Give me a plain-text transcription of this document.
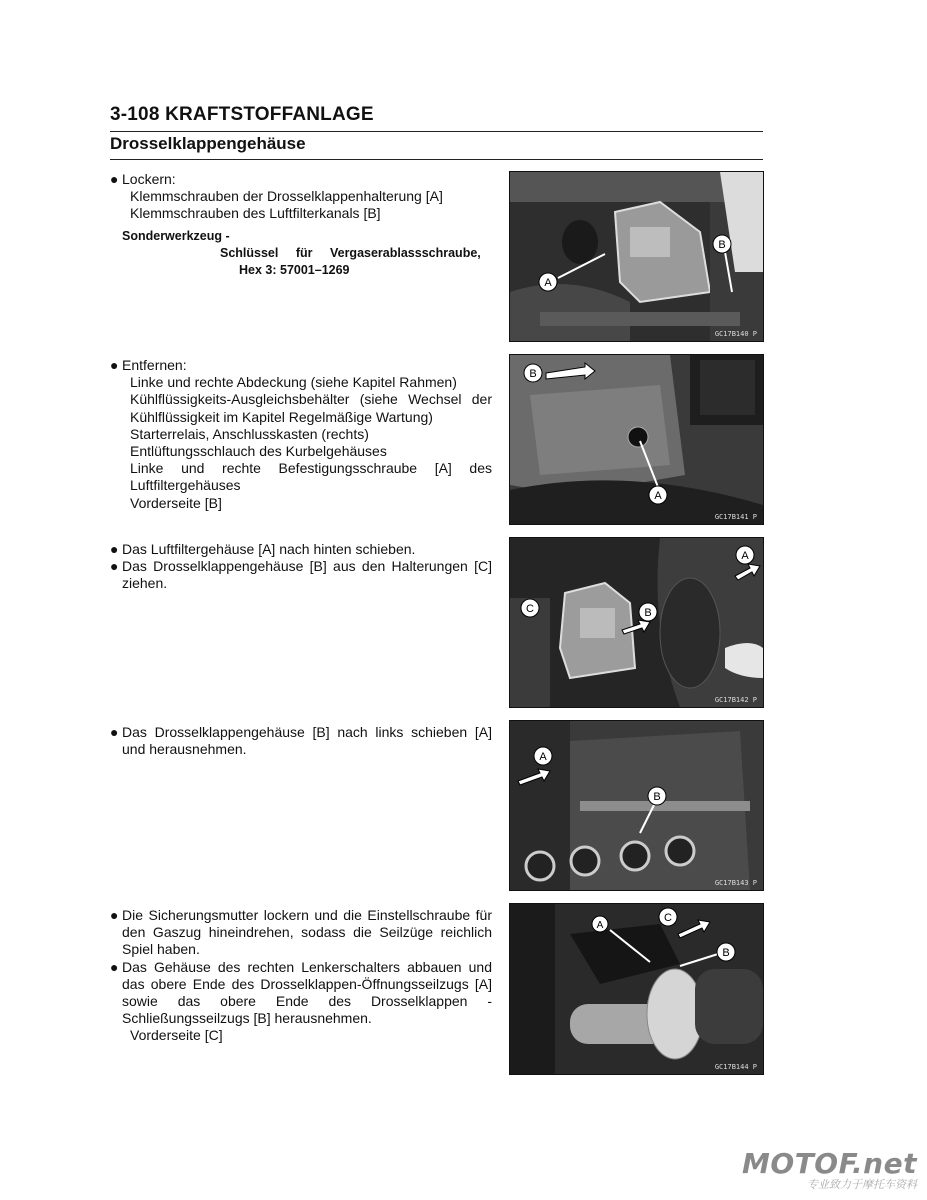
3-108 KRAFTSTOFFANLAGE
Drosselklappengehäuse
● Lockern:
Klemmschrauben der Drosselklappenhalterung [A]
Klemmschrauben des Luftfilterkanals [B]
Sonderwerkzeug -
Schlüssel für Vergaserablassschraube,
Hex 3: 57001–1269
● Entfernen:
Linke und rechte Abdeckung (siehe Kapitel Rahmen)
Kühlflüssigkeits-Ausgleichsbehälter (siehe Wechsel der Kühlflüssigkeit im Kapitel Regelmäßige Wartung)
Starterrelais, Anschlusskasten (rechts)
Entlüftungsschlauch des Kurbelgehäuses
Linke und rechte Befestigungsschraube [A] des Luftfiltergehäuses
Vorderseite [B]
● Das Luftfiltergehäuse [A] nach hinten schieben.
● Das Drosselklappengehäuse [B] aus den Halterungen [C] ziehen.
● Das Drosselklappengehäuse [B] nach links schieben [A] und herausnehmen.
● Die Sicherungsmutter lockern und die Einstellschraube für den Gaszug hineindrehen, sodass die Seilzüge reichlich Spiel haben.
● Das Gehäuse des rechten Lenkerschalters abbauen und das obere Ende des Drosselklappen-Öffnungsseilzugs [A] sowie das obere Ende des Drosselklappen -Schließungsseilzugs [B] herausnehmen.
Vorderseite [C]
A
B
GC17B140 P
B
A
GC17B141 P
A
C	B
GC17B142 P
A
B
GC17B143 P
A
C
B
GC17B144 P
MOTOF.net
专业致力于摩托车资料
